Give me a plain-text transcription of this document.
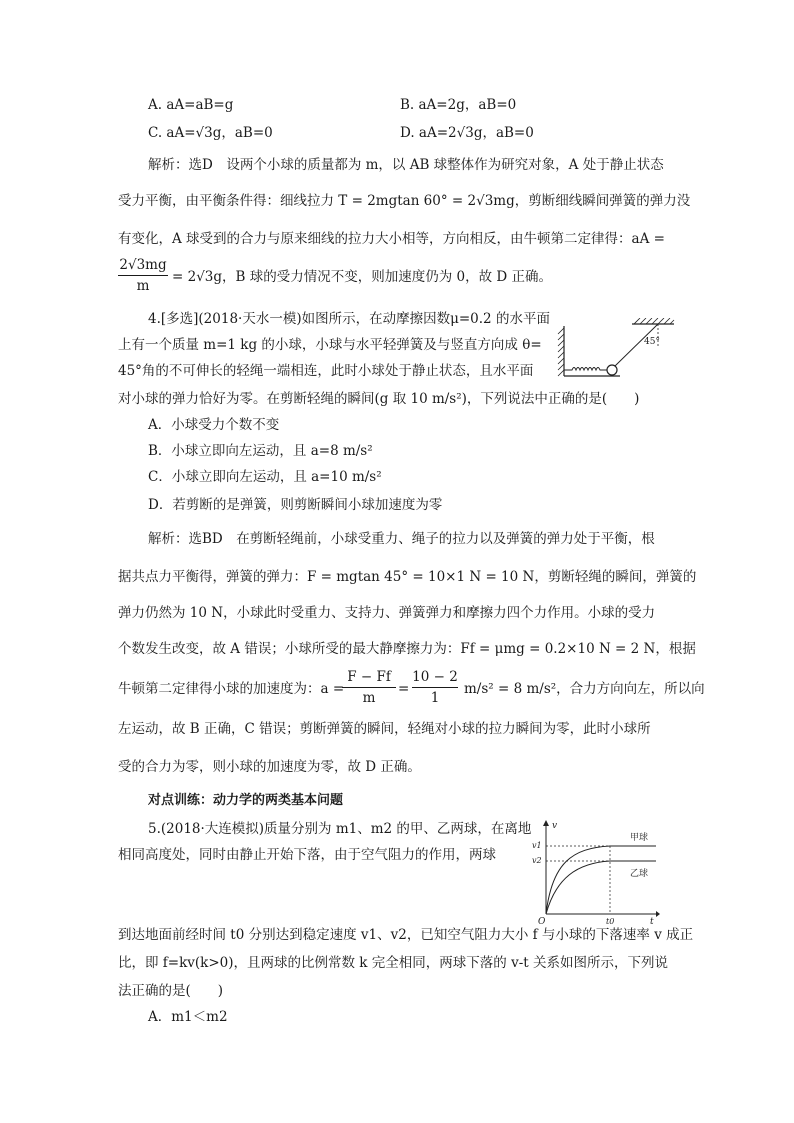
A. aA=aB=g	B. aA=2g，aB=0
C. aA=√3g，aB=0	D. aA=2√3g，aB=0
解析：选D　设两个小球的质量都为 m，以 AB 球整体作为研究对象，A 处于静止状态
受力平衡，由平衡条件得：细线拉力 T = 2mgtan 60° = 2√3mg，剪断细线瞬间弹簧的弹力没
有变化，A 球受到的合力与原来细线的拉力大小相等，方向相反，由牛顿第二定律得：aA =
2√3mg
m
= 2√3g，B 球的受力情况不变，则加速度仍为 0，故 D 正确。
4.[多选](2018·天水一模)如图所示，在动摩擦因数μ=0.2 的水平面
上有一个质量 m=1 kg 的小球，小球与水平轻弹簧及与竖直方向成 θ=
45°角的不可伸长的轻绳一端相连，此时小球处于静止状态，且水平面
对小球的弹力恰好为零。在剪断轻绳的瞬间(g 取 10 m/s²)，下列说法中正确的是(　　)
45°
A．小球受力个数不变
B．小球立即向左运动，且 a=8 m/s²
C．小球立即向左运动，且 a=10 m/s²
D．若剪断的是弹簧，则剪断瞬间小球加速度为零
解析：选BD　在剪断轻绳前，小球受重力、绳子的拉力以及弹簧的弹力处于平衡，根
据共点力平衡得，弹簧的弹力：F = mgtan 45° = 10×1 N = 10 N，剪断轻绳的瞬间，弹簧的
弹力仍然为 10 N，小球此时受重力、支持力、弹簧弹力和摩擦力四个力作用。小球的受力
个数发生改变，故 A 错误；小球所受的最大静摩擦力为：Ff = μmg = 0.2×10 N = 2 N，根据
牛顿第二定律得小球的加速度为：a =
F − Ff
m
=
10 − 2
1
m/s² = 8 m/s²，合力方向向左，所以向
左运动，故 B 正确，C 错误；剪断弹簧的瞬间，轻绳对小球的拉力瞬间为零，此时小球所
受的合力为零，则小球的加速度为零，故 D 正确。
对点训练：动力学的两类基本问题
5.(2018·大连模拟)质量分别为 m1、m2 的甲、乙两球，在离地
相同高度处，同时由静止开始下落，由于空气阻力的作用，两球
v
t
O	t0
v1
v2
甲球
乙球
到达地面前经时间 t0 分别达到稳定速度 v1、v2，已知空气阻力大小 f 与小球的下落速率 v 成正
比，即 f=kv(k>0)，且两球的比例常数 k 完全相同，两球下落的 v-t 关系如图所示，下列说
法正确的是(　　)
A．m1＜m2
